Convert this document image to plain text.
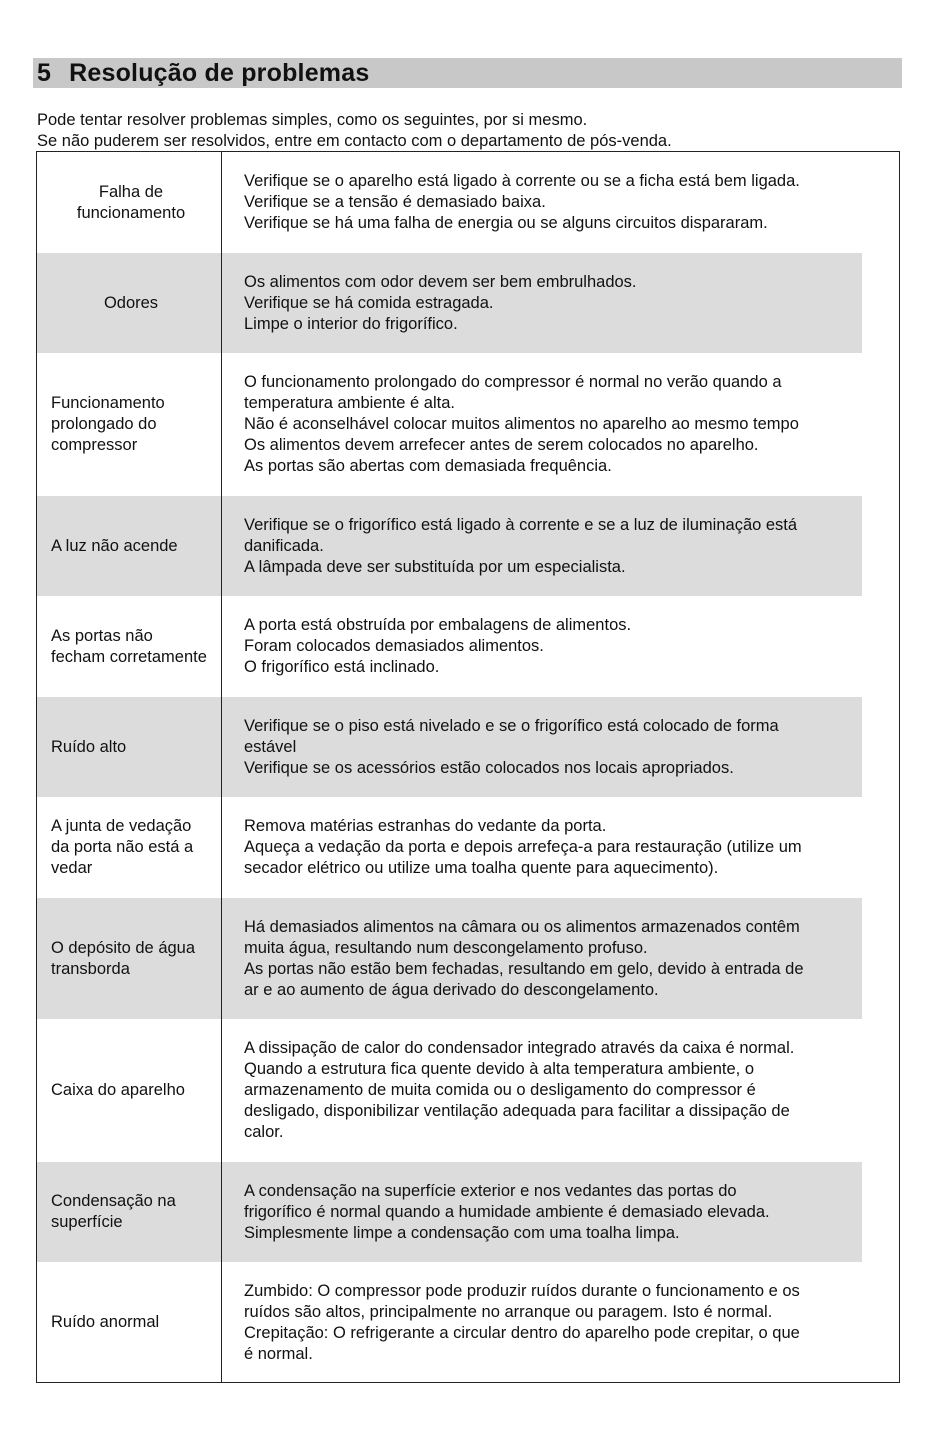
5 Resolução de problemas
Pode tentar resolver problemas simples, como os seguintes, por si mesmo.
Se não puderem ser resolvidos, entre em contacto com o departamento de pós-venda.
Falha de funcionamento
Verifique se o aparelho está ligado à corrente ou se a ficha está bem ligada.
Verifique se a tensão é demasiado baixa.
Verifique se há uma falha de energia ou se alguns circuitos dispararam.
Odores
Os alimentos com odor devem ser bem embrulhados.
Verifique se há comida estragada.
Limpe o interior do frigorífico.
Funcionamento prolongado do compressor
O funcionamento prolongado do compressor é normal no verão quando a
temperatura ambiente é alta.
Não é aconselhável colocar muitos alimentos no aparelho ao mesmo tempo
Os alimentos devem arrefecer antes de serem colocados no aparelho.
As portas são abertas com demasiada frequência.
A luz não acende
Verifique se o frigorífico está ligado à corrente e se a luz de iluminação está
danificada.
A lâmpada deve ser substituída por um especialista.
As portas não fecham corretamente
A porta está obstruída por embalagens de alimentos.
Foram colocados demasiados alimentos.
O frigorífico está inclinado.
Ruído alto
Verifique se o piso está nivelado e se o frigorífico está colocado de forma
estável
Verifique se os acessórios estão colocados nos locais apropriados.
A junta de vedação da porta não está a vedar
Remova matérias estranhas do vedante da porta.
Aqueça a vedação da porta e depois arrefeça-a para restauração (utilize um
secador elétrico ou utilize uma toalha quente para aquecimento).
O depósito de água transborda
Há demasiados alimentos na câmara ou os alimentos armazenados contêm
muita água, resultando num descongelamento profuso.
As portas não estão bem fechadas, resultando em gelo, devido à entrada de
ar e ao aumento de água derivado do descongelamento.
Caixa do aparelho
A dissipação de calor do condensador integrado através da caixa é normal.
Quando a estrutura fica quente devido à alta temperatura ambiente, o
armazenamento de muita comida ou o desligamento do compressor é
desligado, disponibilizar ventilação adequada para facilitar a dissipação de
calor.
Condensação na superfície
A condensação na superfície exterior e nos vedantes das portas do
frigorífico é normal quando a humidade ambiente é demasiado elevada.
Simplesmente limpe a condensação com uma toalha limpa.
Ruído anormal
Zumbido: O compressor pode produzir ruídos durante o funcionamento e os
ruídos são altos, principalmente no arranque ou paragem. Isto é normal.
Crepitação: O refrigerante a circular dentro do aparelho pode crepitar, o que
é normal.
